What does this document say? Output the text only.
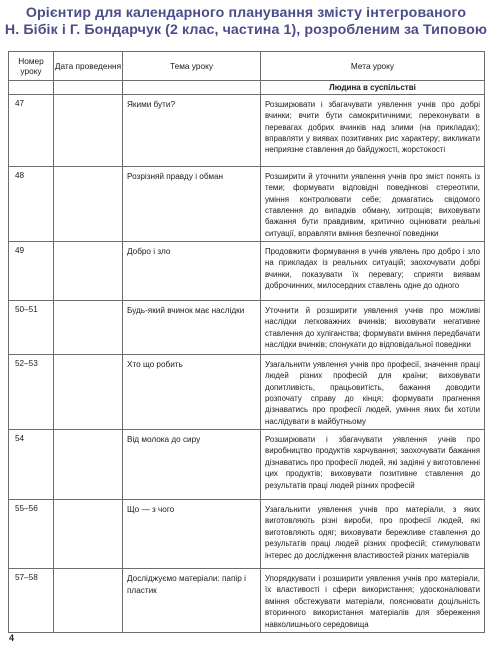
Орієнтир для календарного планування змісту інтегрованого
Н. Бібік і Г. Бондарчук (2 клас, частина 1), розробленим за Типовою
Номер уроку	Дата проведення	Тема уроку	Мета уроку
			Людина в суспільстві
47		Якими бути?	Розширювати і збагачувати уявлення учнів про добрі вчинки; вчити бути самокритичними; переконувати в перевагах добрих вчинків над злими (на прикладах); вправляти у виявах позитивних рис характеру; викликати неприязне ставлення до байдужості, жорстокості
48		Розрізняй правду і обман	Розширити й уточнити уявлення учнів про зміст понять із теми; формувати відповідні поведінкові стереотипи, уміння контролювати себе; домагатись свідомого ставлення до випадків обману, хитрощів; виховувати бажання бути правдивим, критично оцінювати реальні ситуації, вправляти вміння безпечної поведінки
49		Добро і зло	Продовжити формування в учнів уявлень про добро і зло на прикладах із реальних ситуацій; заохочувати добрі вчинки, показувати їх перевагу; сприяти виявам доброчинних, милосердних ставлень одне до одного
50–51		Будь-який вчинок має наслідки	Уточнити й розширити уявлення учнів про можливі наслідки легковажних вчинків; виховувати негативне ставлення до хуліганства; формувати вміння передбачати наслідки вчинків; спонукати до відповідальної поведінки
52–53		Хто що робить	Узагальнити уявлення учнів про професії, значення праці людей різних професій для країни; виховувати допитливість, працьовитість, бажання доводити розпочату справу до кінця; формувати прагнення дізнаватись про професії людей, уміння яких би хотіли наслідувати в майбутньому
54		Від молока до сиру	Розширювати і збагачувати уявлення учнів про виробництво продуктів харчування; заохочувати бажання дізнаватись про професії людей, які задіяні у виготовленні цих продуктів; виховувати позитивне ставлення до результатів праці людей різних професій
55–56		Що — з чого	Узагальнити уявлення учнів про матеріали, з яких виготовляють різні вироби, про професії людей, які виготовляють одяг; виховувати бережливе ставлення до результатів праці людей різних професій; стимулювати інтерес до дослідження властивостей різних матеріалів
57–58		Досліджуємо матеріали: папір і пластик	Упорядкувати і розширити уявлення учнів про матеріали, їх властивості і сфери використання; удосконалювати вміння обстежувати матеріали, пояснювати доцільність вторинного використання матеріалів для збереження навколишнього середовища
4
